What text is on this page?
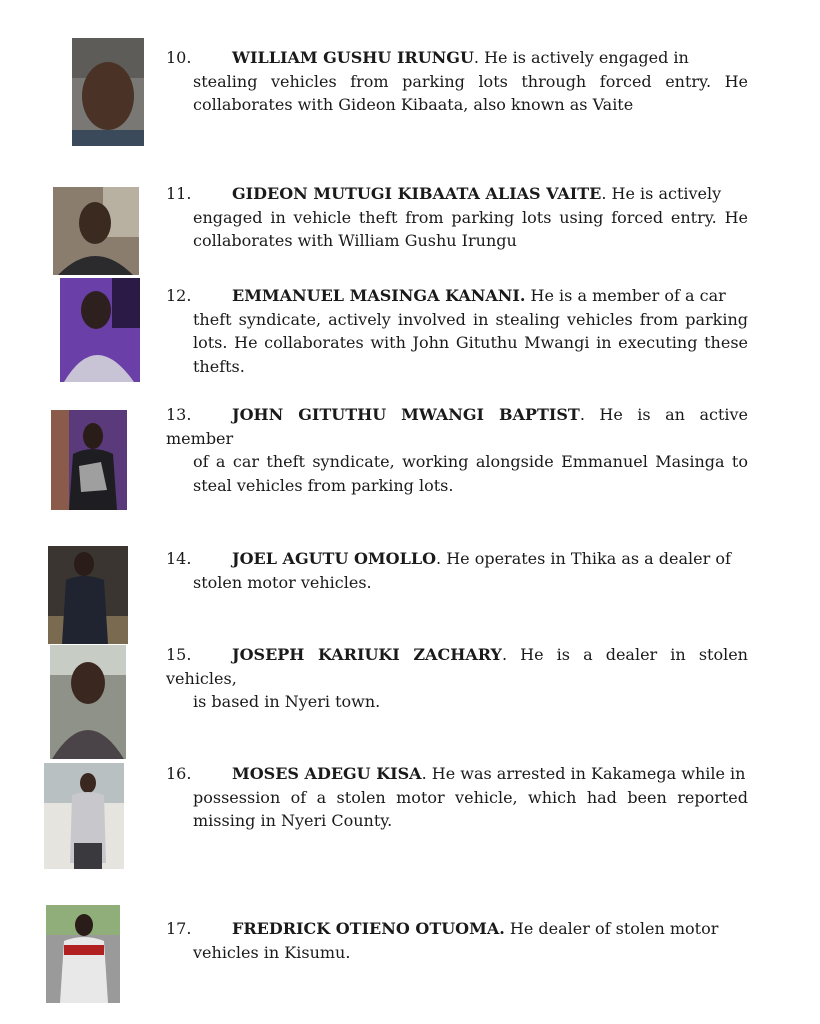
10.	WILLIAM GUSHU IRUNGU. He is actively engaged in
stealing vehicles from parking lots through forced entry. He collaborates with Gideon Kibaata, also known as Vaite
11.	GIDEON MUTUGI KIBAATA ALIAS VAITE. He is actively
engaged in vehicle theft from parking lots using forced entry. He collaborates with William Gushu Irungu
12.	EMMANUEL MASINGA KANANI. He is a member of a car
theft syndicate, actively involved in stealing vehicles from parking lots. He collaborates with John Gituthu Mwangi in executing these thefts.
13.	JOHN GITUTHU MWANGI BAPTIST. He is an active member
of a car theft syndicate, working alongside Emmanuel Masinga to steal vehicles from parking lots.
14.	JOEL AGUTU OMOLLO. He operates in Thika as a dealer of
stolen motor vehicles.
15.	JOSEPH KARIUKI ZACHARY. He is a dealer in stolen vehicles,
is based in Nyeri town.
16.	MOSES ADEGU KISA. He was arrested in Kakamega while in
possession of a stolen motor vehicle, which had been reported missing in Nyeri County.
17.	FREDRICK OTIENO OTUOMA. He dealer of stolen motor
vehicles in Kisumu.
